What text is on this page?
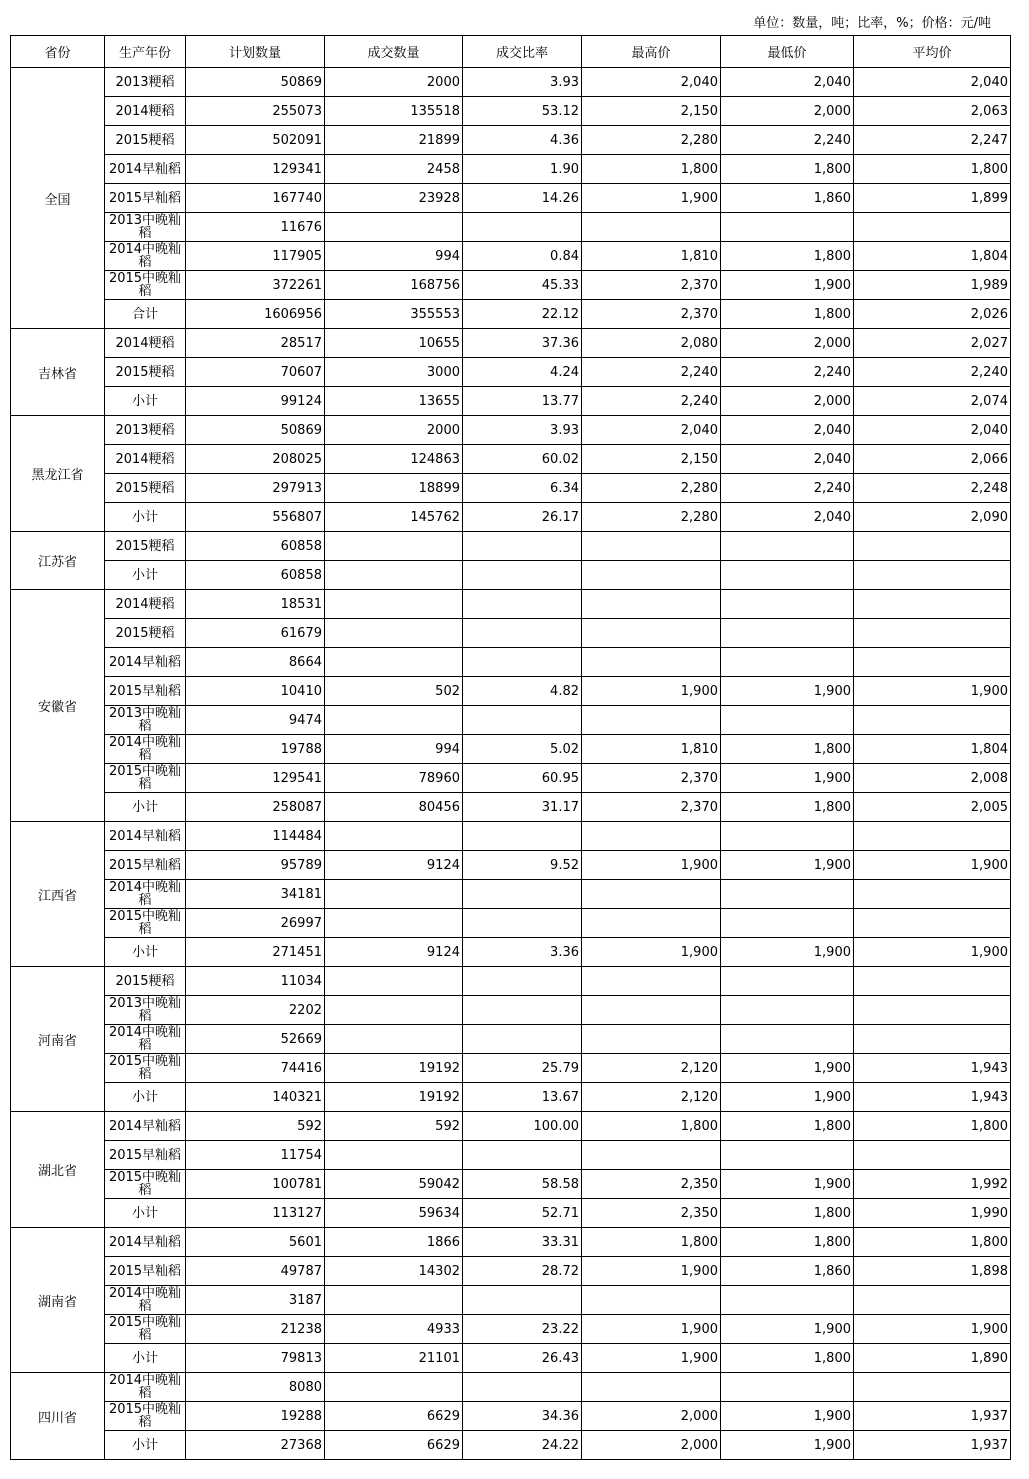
单位：数量，吨；比率，%；价格：元/吨
省份	生产年份	计划数量	成交数量	成交比率	最高价	最低价	平均价
全国	2013粳稻	50869	2000	3.93	2,040	2,040	2,040
	2014粳稻	255073	135518	53.12	2,150	2,000	2,063
	2015粳稻	502091	21899	4.36	2,280	2,240	2,247
	2014早籼稻	129341	2458	1.90	1,800	1,800	1,800
	2015早籼稻	167740	23928	14.26	1,900	1,860	1,899
	2013中晚籼稻	11676					
	2014中晚籼稻	117905	994	0.84	1,810	1,800	1,804
	2015中晚籼稻	372261	168756	45.33	2,370	1,900	1,989
	合计	1606956	355553	22.12	2,370	1,800	2,026
吉林省	2014粳稻	28517	10655	37.36	2,080	2,000	2,027
	2015粳稻	70607	3000	4.24	2,240	2,240	2,240
	小计	99124	13655	13.77	2,240	2,000	2,074
黑龙江省	2013粳稻	50869	2000	3.93	2,040	2,040	2,040
	2014粳稻	208025	124863	60.02	2,150	2,040	2,066
	2015粳稻	297913	18899	6.34	2,280	2,240	2,248
	小计	556807	145762	26.17	2,280	2,040	2,090
江苏省	2015粳稻	60858					
	小计	60858					
安徽省	2014粳稻	18531					
	2015粳稻	61679					
	2014早籼稻	8664					
	2015早籼稻	10410	502	4.82	1,900	1,900	1,900
	2013中晚籼稻	9474					
	2014中晚籼稻	19788	994	5.02	1,810	1,800	1,804
	2015中晚籼稻	129541	78960	60.95	2,370	1,900	2,008
	小计	258087	80456	31.17	2,370	1,800	2,005
江西省	2014早籼稻	114484					
	2015早籼稻	95789	9124	9.52	1,900	1,900	1,900
	2014中晚籼稻	34181					
	2015中晚籼稻	26997					
	小计	271451	9124	3.36	1,900	1,900	1,900
河南省	2015粳稻	11034					
	2013中晚籼稻	2202					
	2014中晚籼稻	52669					
	2015中晚籼稻	74416	19192	25.79	2,120	1,900	1,943
	小计	140321	19192	13.67	2,120	1,900	1,943
湖北省	2014早籼稻	592	592	100.00	1,800	1,800	1,800
	2015早籼稻	11754					
	2015中晚籼稻	100781	59042	58.58	2,350	1,900	1,992
	小计	113127	59634	52.71	2,350	1,800	1,990
湖南省	2014早籼稻	5601	1866	33.31	1,800	1,800	1,800
	2015早籼稻	49787	14302	28.72	1,900	1,860	1,898
	2014中晚籼稻	3187					
	2015中晚籼稻	21238	4933	23.22	1,900	1,900	1,900
	小计	79813	21101	26.43	1,900	1,800	1,890
四川省	2014中晚籼稻	8080					
	2015中晚籼稻	19288	6629	34.36	2,000	1,900	1,937
	小计	27368	6629	24.22	2,000	1,900	1,937
